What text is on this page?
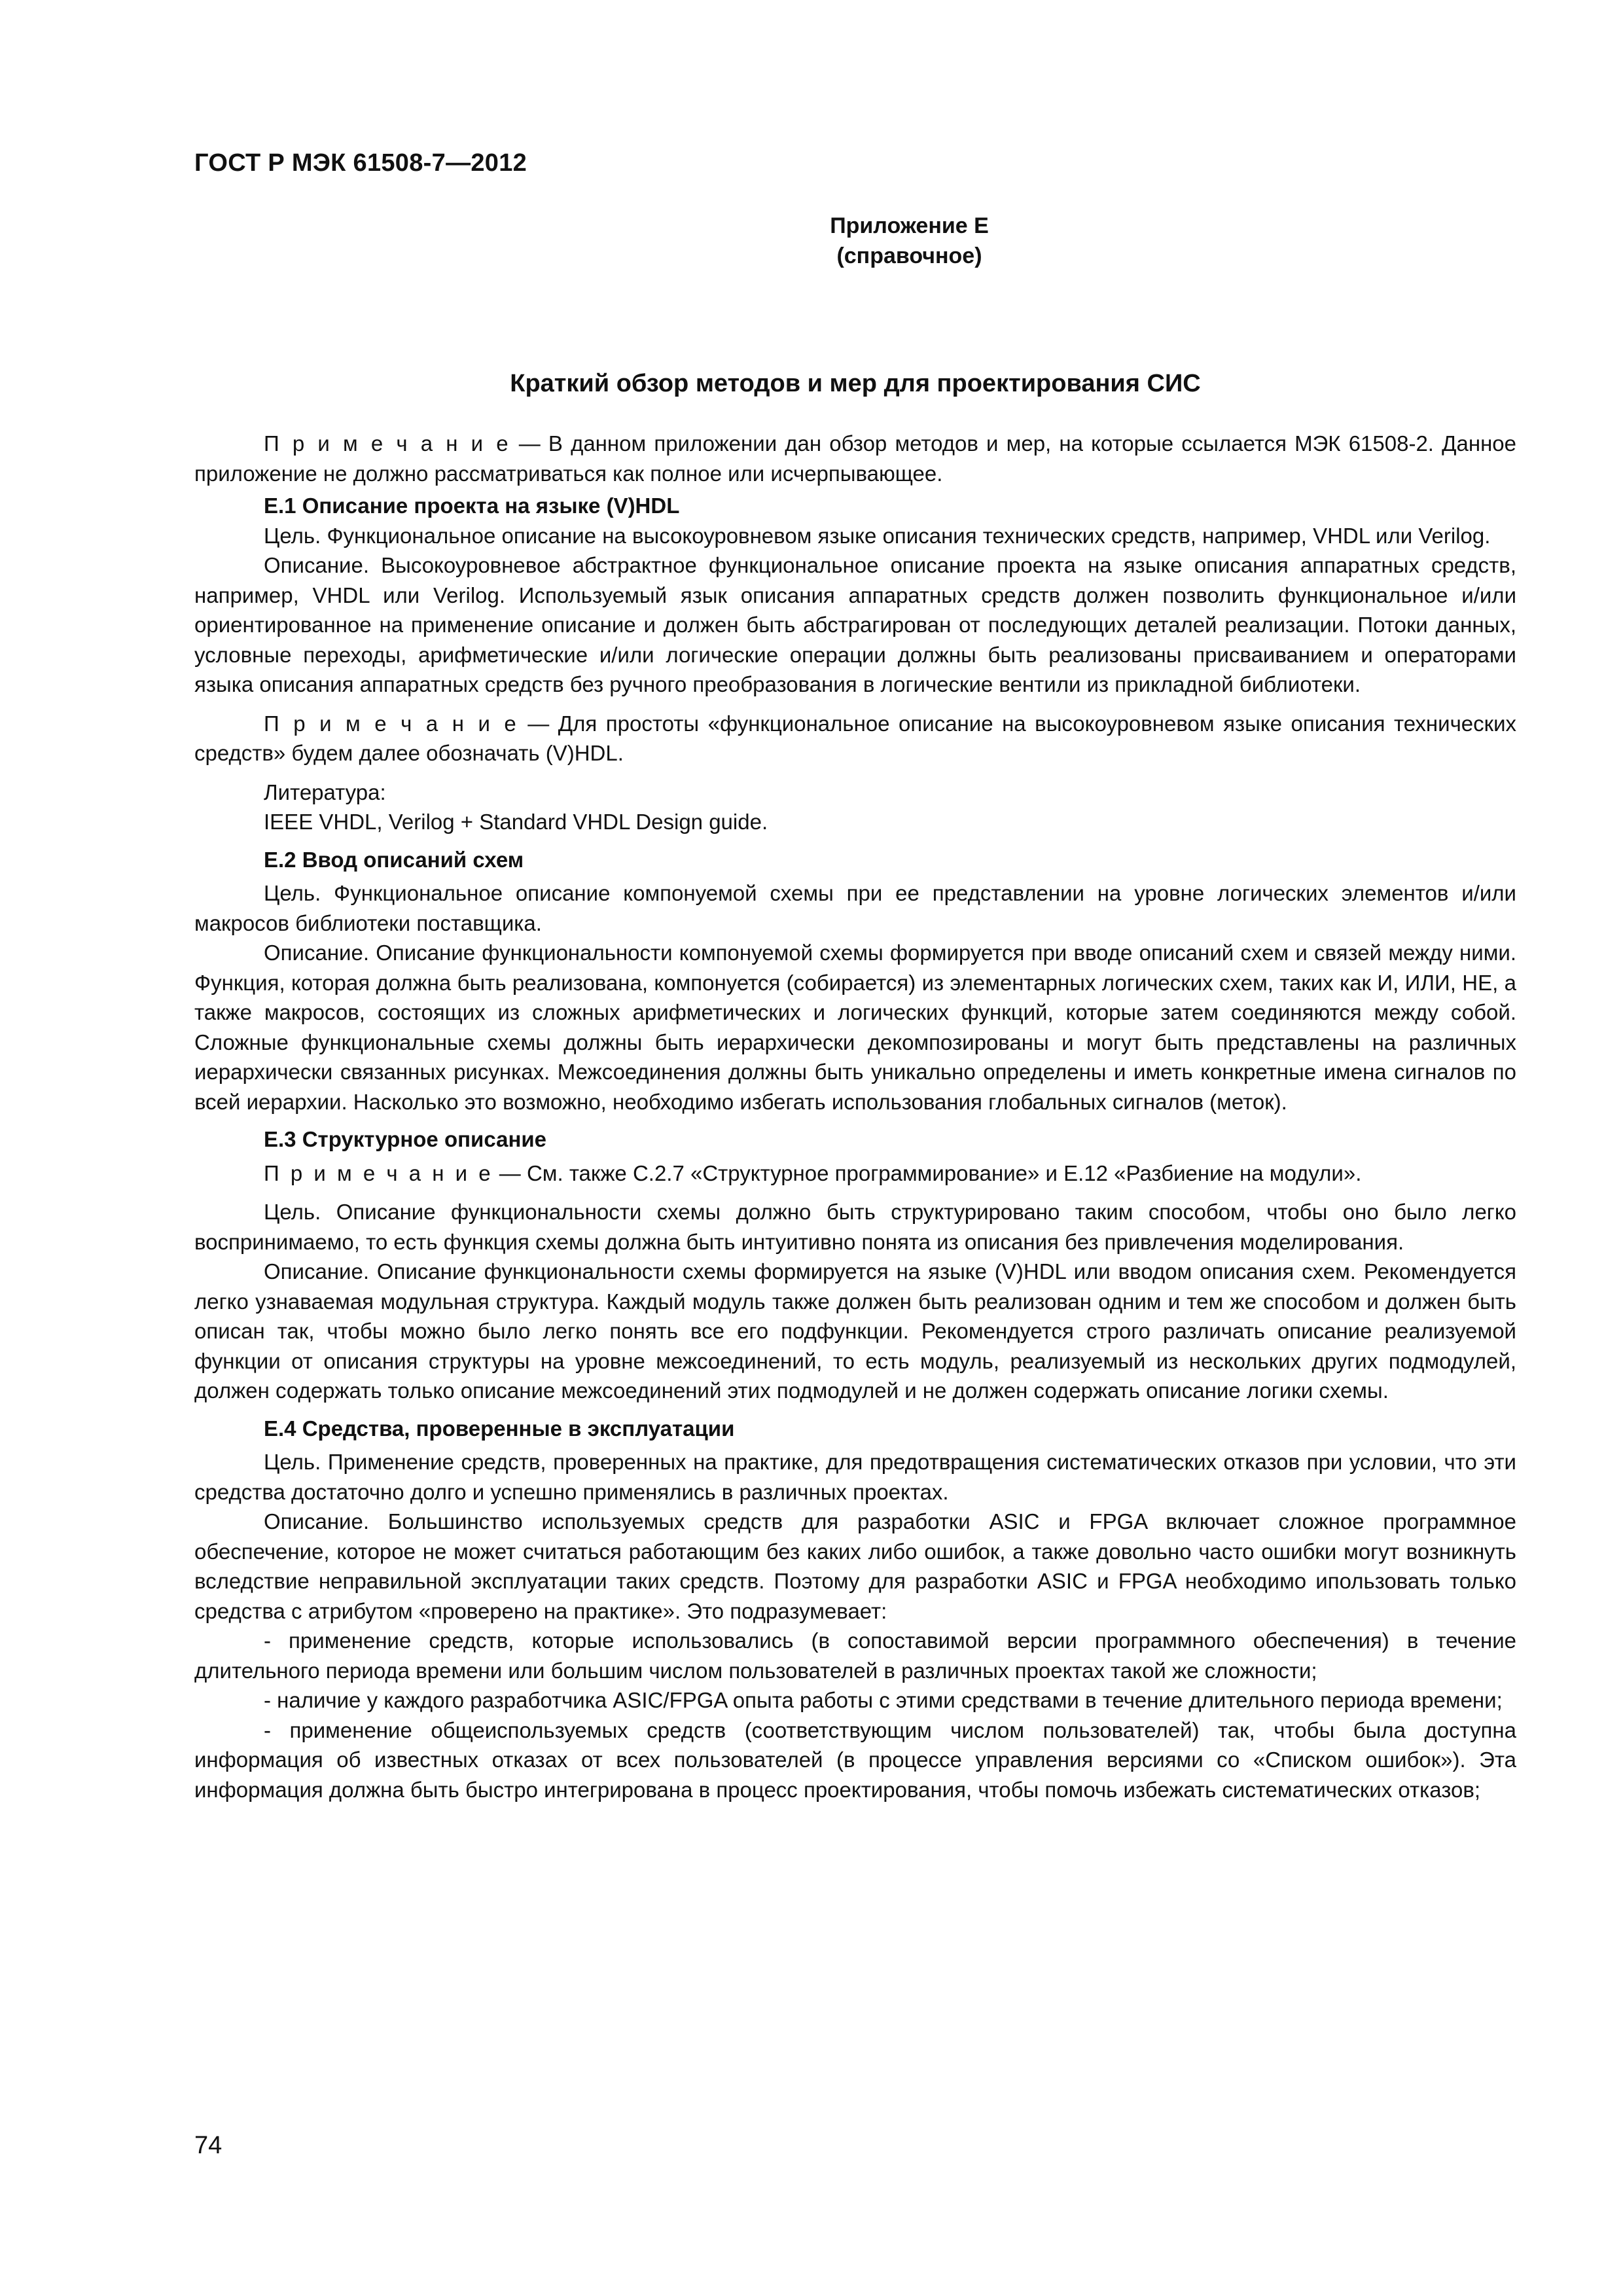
ГОСТ Р МЭК 61508-7—2012
Приложение Е
(справочное)
Краткий обзор методов и мер для проектирования СИС

П р и м е ч а н и е — В данном приложении дан обзор методов и мер, на которые ссылается МЭК 61508-2. Данное приложение не должно рассматриваться как полное или исчерпывающее.

Е.1 Описание проекта на языке (V)HDL

Цель. Функциональное описание на высокоуровневом языке описания технических средств, например, VHDL или Verilog.

Описание. Высокоуровневое абстрактное функциональное описание проекта на языке описания аппаратных средств, например, VHDL или Verilog. Используемый язык описания аппаратных средств должен позволить функциональное и/или ориентированное на применение описание и должен быть абстрагирован от последующих деталей реализации. Потоки данных, условные переходы, арифметические и/или логические операции должны быть реализованы присваиванием и операторами языка описания аппаратных средств без ручного преобразования в логические вентили из прикладной библиотеки.

П р и м е ч а н и е — Для простоты «функциональное описание на высокоуровневом языке описания технических средств» будем далее обозначать (V)HDL.

Литература:

IEEE VHDL, Verilog + Standard VHDL Design guide.

Е.2 Ввод описаний схем

Цель. Функциональное описание компонуемой схемы при ее представлении на уровне логических элементов и/или макросов библиотеки поставщика.

Описание. Описание функциональности компонуемой схемы формируется при вводе описаний схем и связей между ними. Функция, которая должна быть реализована, компонуется (собирается) из элементарных логических схем, таких как И, ИЛИ, НЕ, а также макросов, состоящих из сложных арифметических и логических функций, которые затем соединяются между собой. Сложные функциональные схемы должны быть иерархически декомпозированы и могут быть представлены на различных иерархически связанных рисунках. Межсоединения должны быть уникально определены и иметь конкретные имена сигналов по всей иерархии. Насколько это возможно, необходимо избегать использования глобальных сигналов (меток).

Е.3 Структурное описание

П р и м е ч а н и е — См. также С.2.7 «Структурное программирование» и Е.12 «Разбиение на модули».

Цель. Описание функциональности схемы должно быть структурировано таким способом, чтобы оно было легко воспринимаемо, то есть функция схемы должна быть интуитивно понята из описания без привлечения моделирования.

Описание. Описание функциональности схемы формируется на языке (V)HDL или вводом описания схем. Рекомендуется легко узнаваемая модульная структура. Каждый модуль также должен быть реализован одним и тем же способом и должен быть описан так, чтобы можно было легко понять все его подфункции. Рекомендуется строго различать описание реализуемой функции от описания структуры на уровне межсоединений, то есть модуль, реализуемый из нескольких других подмодулей, должен содержать только описание межсоединений этих подмодулей и не должен содержать описание логики схемы.

Е.4 Средства, проверенные в эксплуатации

Цель. Применение средств, проверенных на практике, для предотвращения систематических отказов при условии, что эти средства достаточно долго и успешно применялись в различных проектах.

Описание. Большинство используемых средств для разработки ASIC и FPGA включает сложное программное обеспечение, которое не может считаться работающим без каких либо ошибок, а также довольно часто ошибки могут возникнуть вследствие неправильной эксплуатации таких средств. Поэтому для разработки ASIC и FPGA необходимо ипользовать только средства с атрибутом «проверено на практике». Это подразумевает:

- применение средств, которые использовались (в сопоставимой версии программного обеспечения) в течение длительного периода времени или большим числом пользователей в различных проектах такой же сложности;

- наличие у каждого разработчика ASIC/FPGA опыта работы с этими средствами в течение длительного периода времени;

- применение общеиспользуемых средств (соответствующим числом пользователей) так, чтобы была доступна информация об известных отказах от всех пользователей (в процессе управления версиями со «Списком ошибок»). Эта информация должна быть быстро интегрирована в процесс проектирования, чтобы помочь избежать систематических отказов;

74
